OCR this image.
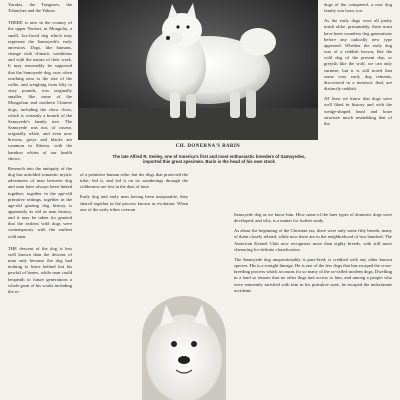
Yurakis, the Tungoses, the Tchutches and the Yakuts.

THERE is now in the country of the upper Yenisei, in Mongolia, a small, fox-faced dog which may represent the Samoyede's early ancestors. Dogs, like humans, change with climatic conditions and with the nature of their work. It may reasonably be supposed that the Samoyede dog, now often reaching near to the size of the collie, and weighing from fifty to sixty pounds, was originally smaller, like some of the Mongolian and northern Chinese dogs, including the chow chow, which is certainly a branch of the Samoyede's family tree. The Samoyede was not, of course, originally white, and even now browns, greys and blacks are common in Siberia, with the bamboo whites of our health shows.

Research into the antiquity of the dog has unfolded romantic mystic adventures of man between dog and man have always been linked together; together in the age-old primitive settings, together in the age-old grazing dog history is apparently as old as man history, and it may be taken for granted that the earliest wild dogs were contemporary with the earliest wild men.

THE descent of the dog is less well known than the descent of man only because the dog had nothing to leave behind but his pawful of bones, while man could bequeath to future generations a whole great of his works including the ro-

CH. DONERNA'S BARIN
The late Alfred R. Seeley, one of America's first and most enthusiastic breeders of Samoyedes, imported this great specimen. Barin is the head of his own stock

dogs of the conquered, a new dog family was born, too.

As the early dogs were all pretty much alike, presumably, there must have been countless dog generations before any radically new type appeared. Whether the early dog was of a reddish brown, like the wild dog of the present day, or greyish like the wolf, we can only surmise, but it is still noted that some very early dog remains, discovered in a meteoric find, are distinctly reddish.

AT least we know that dogs were well liked in history and with the wedge-shaped head and bone structure much resembling that of the

of a primitive human tribe; but the dogs that protected the tribe, fed it, and led it on its wanderings through the wilderness are lost in the dust of time.

Early dog and early man having been inseparable, they shared together in the process known as evolution. When one of the early tribes overran

Samoyede dog as we know him. How some of the later types of domestic dogs were developed, and why, is a matter for further study.

As about the beginning of the Christian era, there were only some fifty breeds, many of them closely related, while now there are in the neighborhood of two hundred. The American Kennel Club now recognizes more than eighty breeds, with still more clamoring for definite classification.

The Samoyede dog unquestionably is pure-bred, is credited with any other known species. His is a straight lineage. He is one of the few dogs that has escaped the cross-breeding process which accounts for so many of the so-called modern dogs. Dwelling in a land so remote that no other dogs had access to him, and among a people who were eminently satisfied with him in his primitive state, he escaped the unfortunate accidents
